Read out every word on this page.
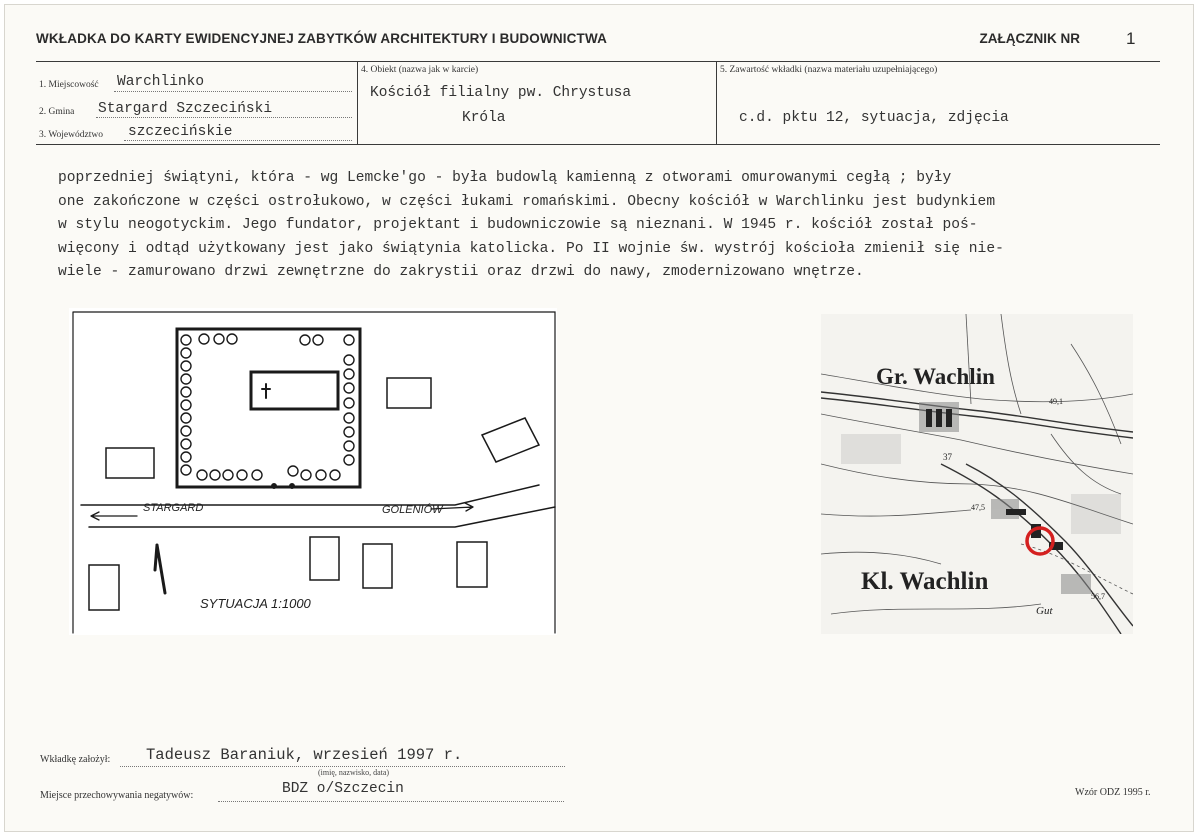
WKŁADKA DO KARTY EWIDENCYJNEJ ZABYTKÓW ARCHITEKTURY I BUDOWNICTWA	ZAŁĄCZNIK NR	1
1. Miejscowość Warchlinko
2. Gmina Stargard Szczeciński
3. Województwo szczecińskie
4. Obiekt (nazwa jak w karcie)
Kościół filialny pw. Chrystusa
Króla
5. Zawartość wkładki (nazwa materiału uzupełniającego)
c.d. pktu 12, sytuacja, zdjęcia
poprzedniej świątyni, która - wg Lemcke'go - była budowlą kamienną z otworami omurowanymi cegłą ; były
one zakończone w części ostrołukowo, w części łukami romańskimi. Obecny kościół w Warchlinku jest budynkiem
w stylu neogotyckim. Jego fundator, projektant i budowniczowie są nieznani. W 1945 r. kościół został poś-
więcony i odtąd użytkowany jest jako świątynia katolicka. Po II wojnie św. wystrój kościoła zmienił się nie-
wiele - zamurowano drzwi zewnętrzne do zakrystii oraz drzwi do nawy, zmodernizowano wnętrze.
STARGARD	GOLENIÓW
SYTUACJA 1:1000
Gr. Wachlin
Kl. Wachlin
Gut
37
49,1
47,5
56,7
Wkładkę założył: Tadeusz Baraniuk, wrzesień 1997 r.
(imię, nazwisko, data)
Miejsce przechowywania negatywów:	BDZ o/Szczecin	Wzór ODZ 1995 r.
